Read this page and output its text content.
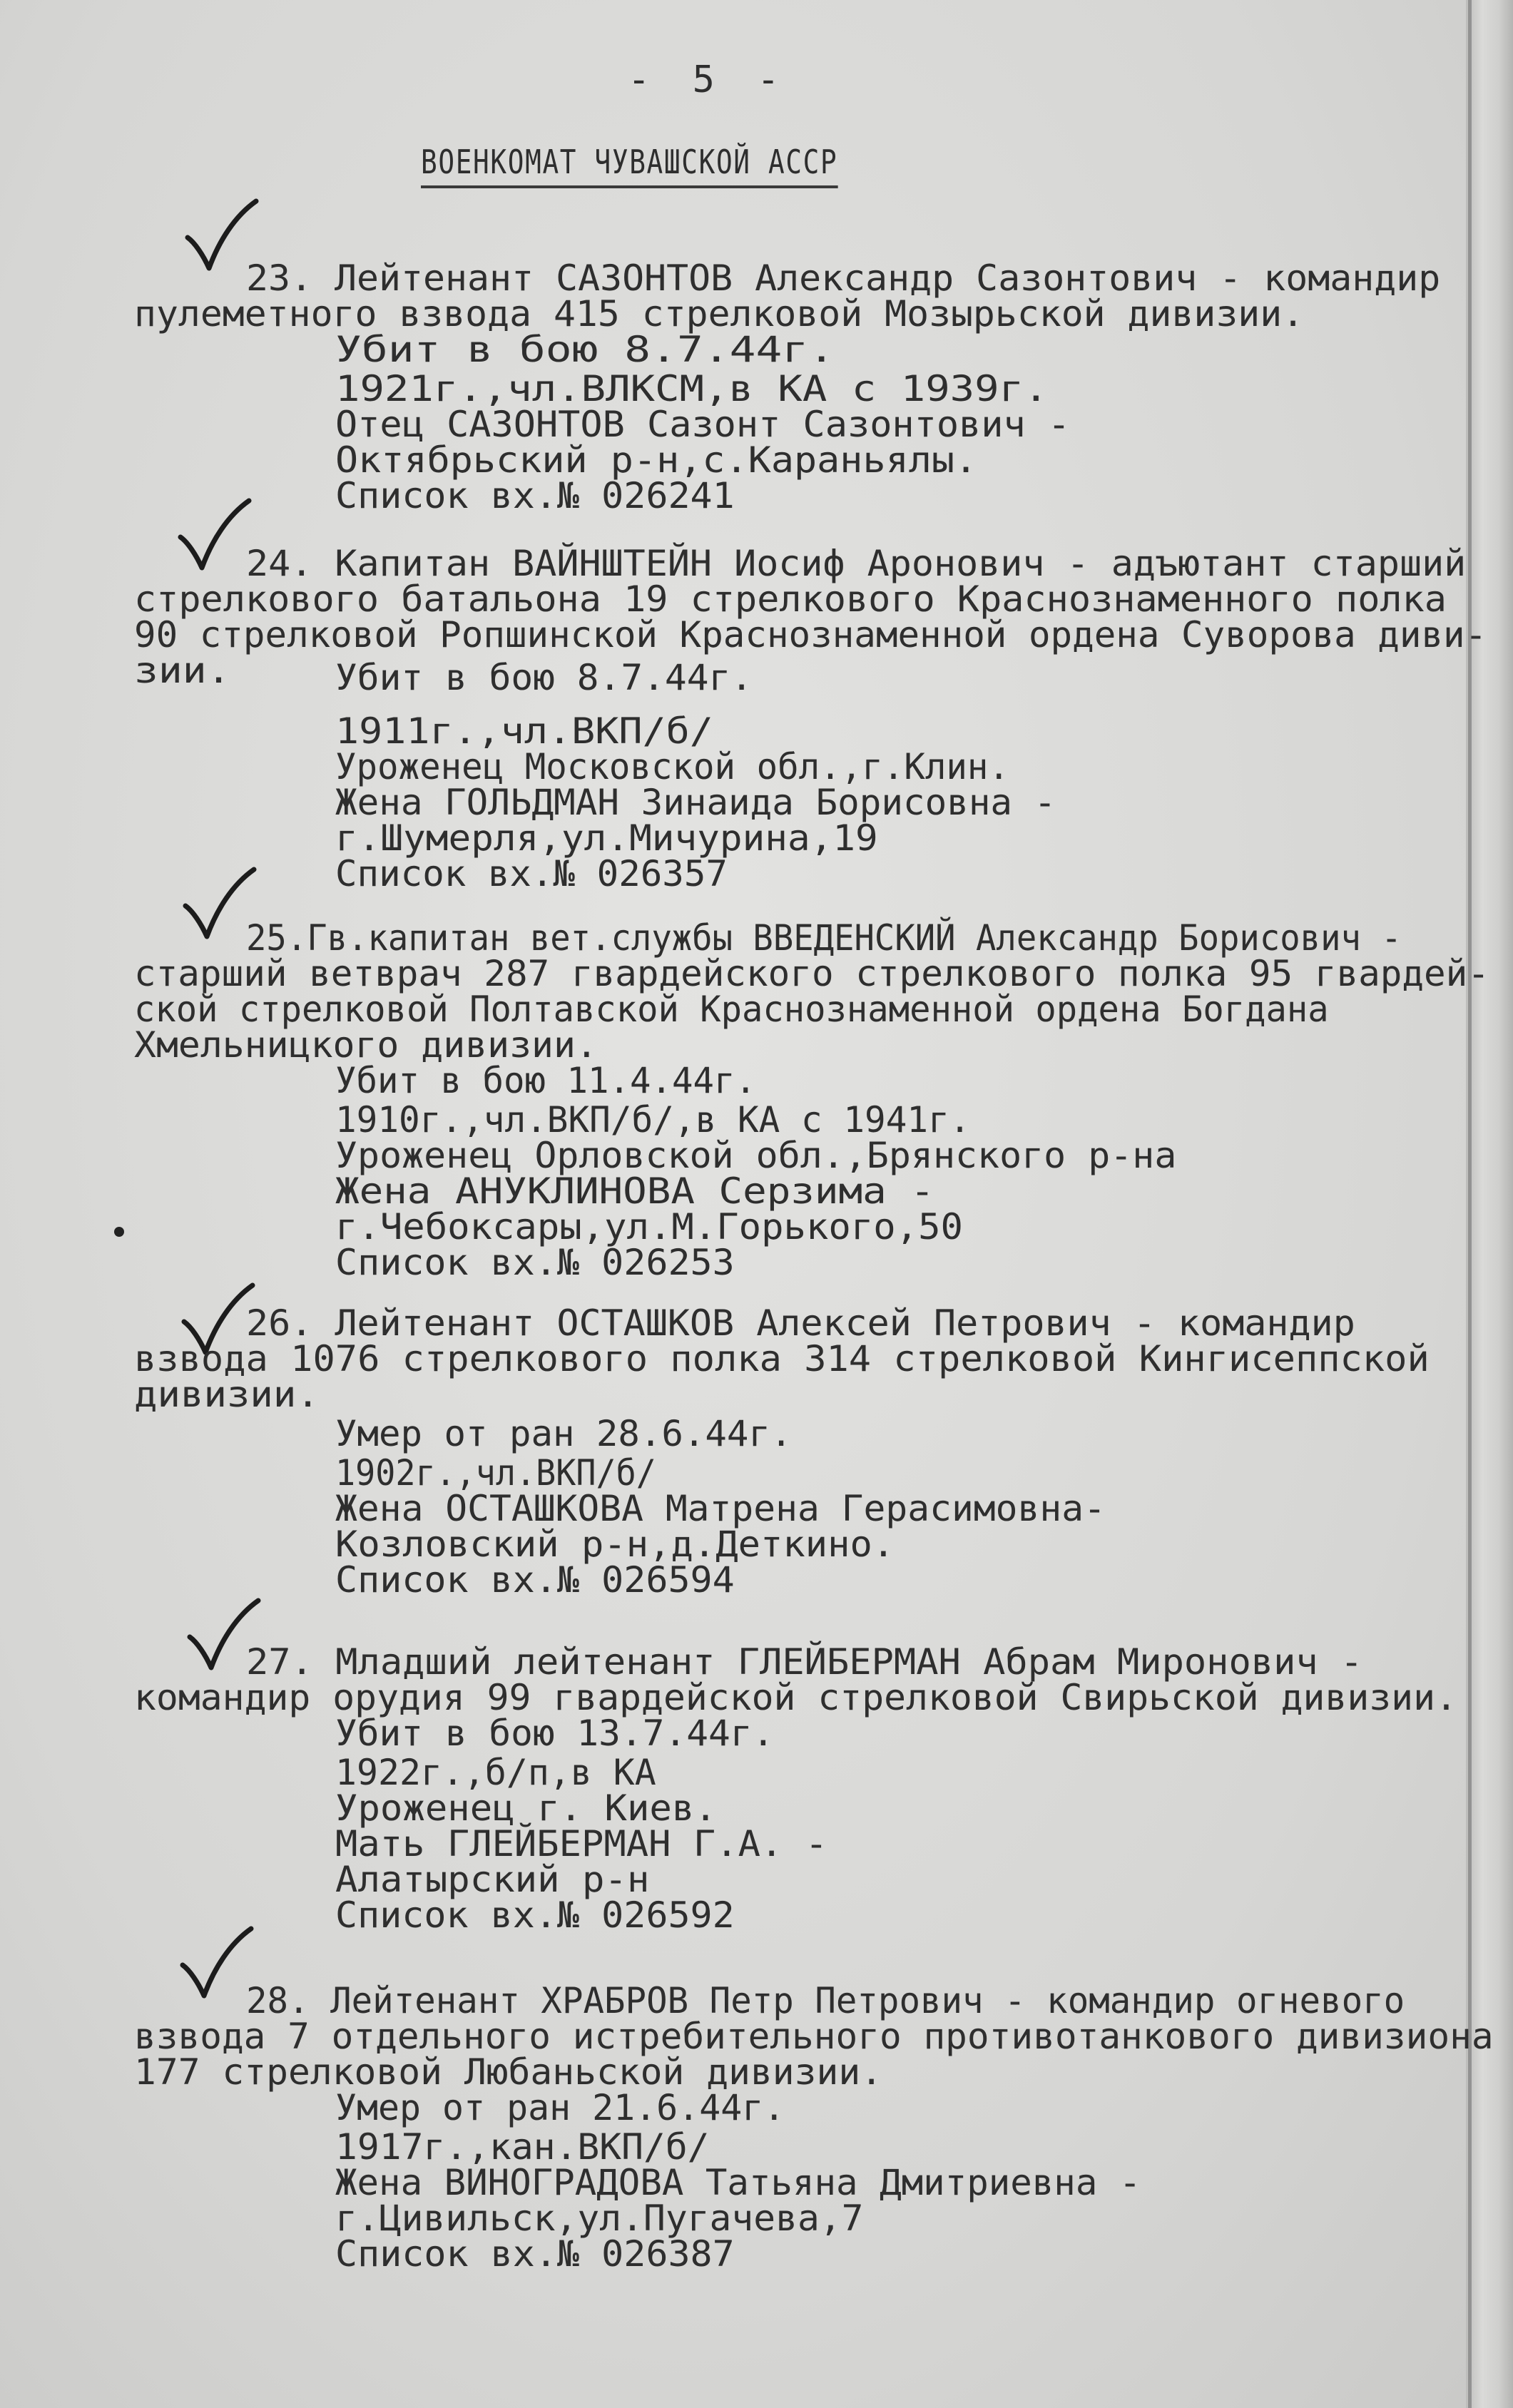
- 5 -
ВОЕНКОМАТ ЧУВАШСКОЙ АССР
23. Лейтенант САЗОНТОВ Александр Сазонтович - командир
пулеметного взвода 415 стрелковой Мозырьской дивизии.
Убит в бою 8.7.44г.
1921г.,чл.ВЛКСМ,в КА с 1939г.
Отец САЗОНТОВ Сазонт Сазонтович -
Октябрьский р-н,с.Караньялы.
Список вх.№ 026241
24. Капитан ВАЙНШТЕЙН Иосиф Аронович - адъютант старший
стрелкового батальона 19 стрелкового Краснознаменного полка
90 стрелковой Ропшинской Краснознаменной ордена Суворова диви-
зии.	Убит в бою 8.7.44г.
1911г.,чл.ВКП/б/
Уроженец Московской обл.,г.Клин.
Жена ГОЛЬДМАН Зинаида Борисовна -
г.Шумерля,ул.Мичурина,19
Список вх.№ 026357
25.Гв.капитан вет.службы ВВЕДЕНСКИЙ Александр Борисович -
старший ветврач 287 гвардейского стрелкового полка 95 гвардей-
ской стрелковой Полтавской Краснознаменной ордена Богдана
Хмельницкого дивизии.
Убит в бою 11.4.44г.
1910г.,чл.ВКП/б/,в КА с 1941г.
Уроженец Орловской обл.,Брянского р-на
Жена АНУКЛИНОВА Серзима -
г.Чебоксары,ул.М.Горького,50
Список вх.№ 026253
26. Лейтенант ОСТАШКОВ Алексей Петрович - командир
взвода 1076 стрелкового полка 314 стрелковой Кингисеппской
дивизии.
Умер от ран 28.6.44г.
1902г.,чл.ВКП/б/
Жена ОСТАШКОВА Матрена Герасимовна-
Козловский р-н,д.Деткино.
Список вх.№ 026594
27. Младший лейтенант ГЛЕЙБЕРМАН Абрам Миронович -
командир орудия 99 гвардейской стрелковой Свирьской дивизии.
Убит в бою 13.7.44г.
1922г.,б/п,в КА
Уроженец г. Киев.
Мать ГЛЕЙБЕРМАН Г.А. -
Алатырский р-н
Список вх.№ 026592
28. Лейтенант ХРАБРОВ Петр Петрович - командир огневого
взвода 7 отдельного истребительного противотанкового дивизиона
177 стрелковой Любаньской дивизии.
Умер от ран 21.6.44г.
1917г.,кан.ВКП/б/
Жена ВИНОГРАДОВА Татьяна Дмитриевна -
г.Цивильск,ул.Пугачева,7
Список вх.№ 026387
